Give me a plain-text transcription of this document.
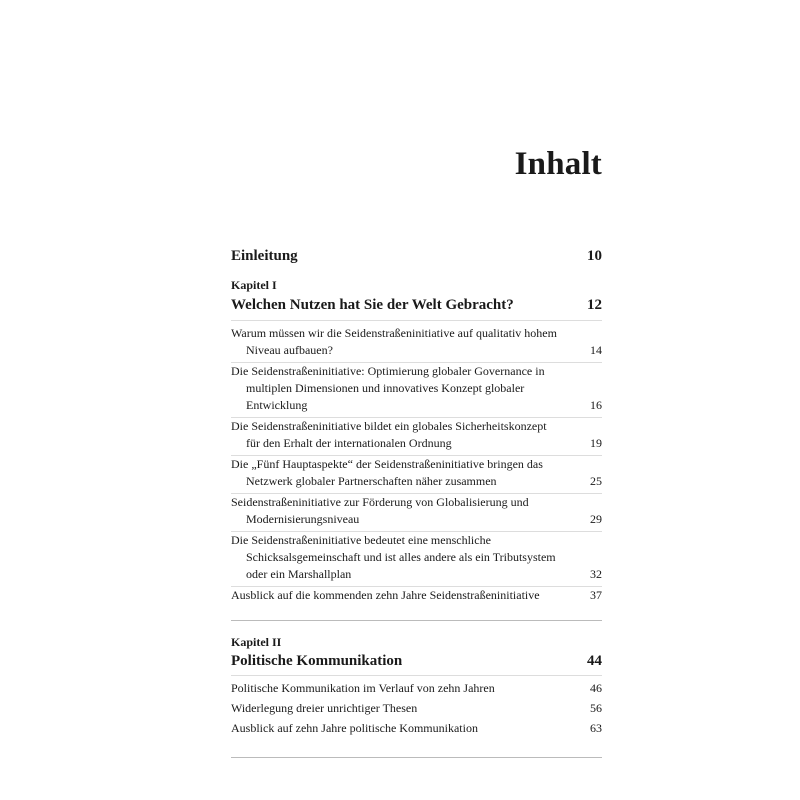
Inhalt
Einleitung	10
Kapitel I
Welchen Nutzen hat Sie der Welt Gebracht?	12
Warum müssen wir die Seidenstraßeninitiative auf qualitativ hohem
Niveau aufbauen?	14
Die Seidenstraßeninitiative: Optimierung globaler Governance in
multiplen Dimensionen und innovatives Konzept globaler Entwicklung	16
Die Seidenstraßeninitiative bildet ein globales Sicherheitskonzept
für den Erhalt der internationalen Ordnung	19
Die „Fünf Hauptaspekte“ der Seidenstraßeninitiative bringen das
Netzwerk globaler Partnerschaften näher zusammen	25
Seidenstraßeninitiative zur Förderung von Globalisierung und
Modernisierungsniveau	29
Die Seidenstraßeninitiative bedeutet eine menschliche
Schicksalsgemeinschaft und ist alles andere als ein Tributsystem
oder ein Marshallplan	32
Ausblick auf die kommenden zehn Jahre Seidenstraßeninitiative	37
Kapitel II
Politische Kommunikation	44
Politische Kommunikation im Verlauf von zehn Jahren	46
Widerlegung dreier unrichtiger Thesen	56
Ausblick auf zehn Jahre politische Kommunikation	63
